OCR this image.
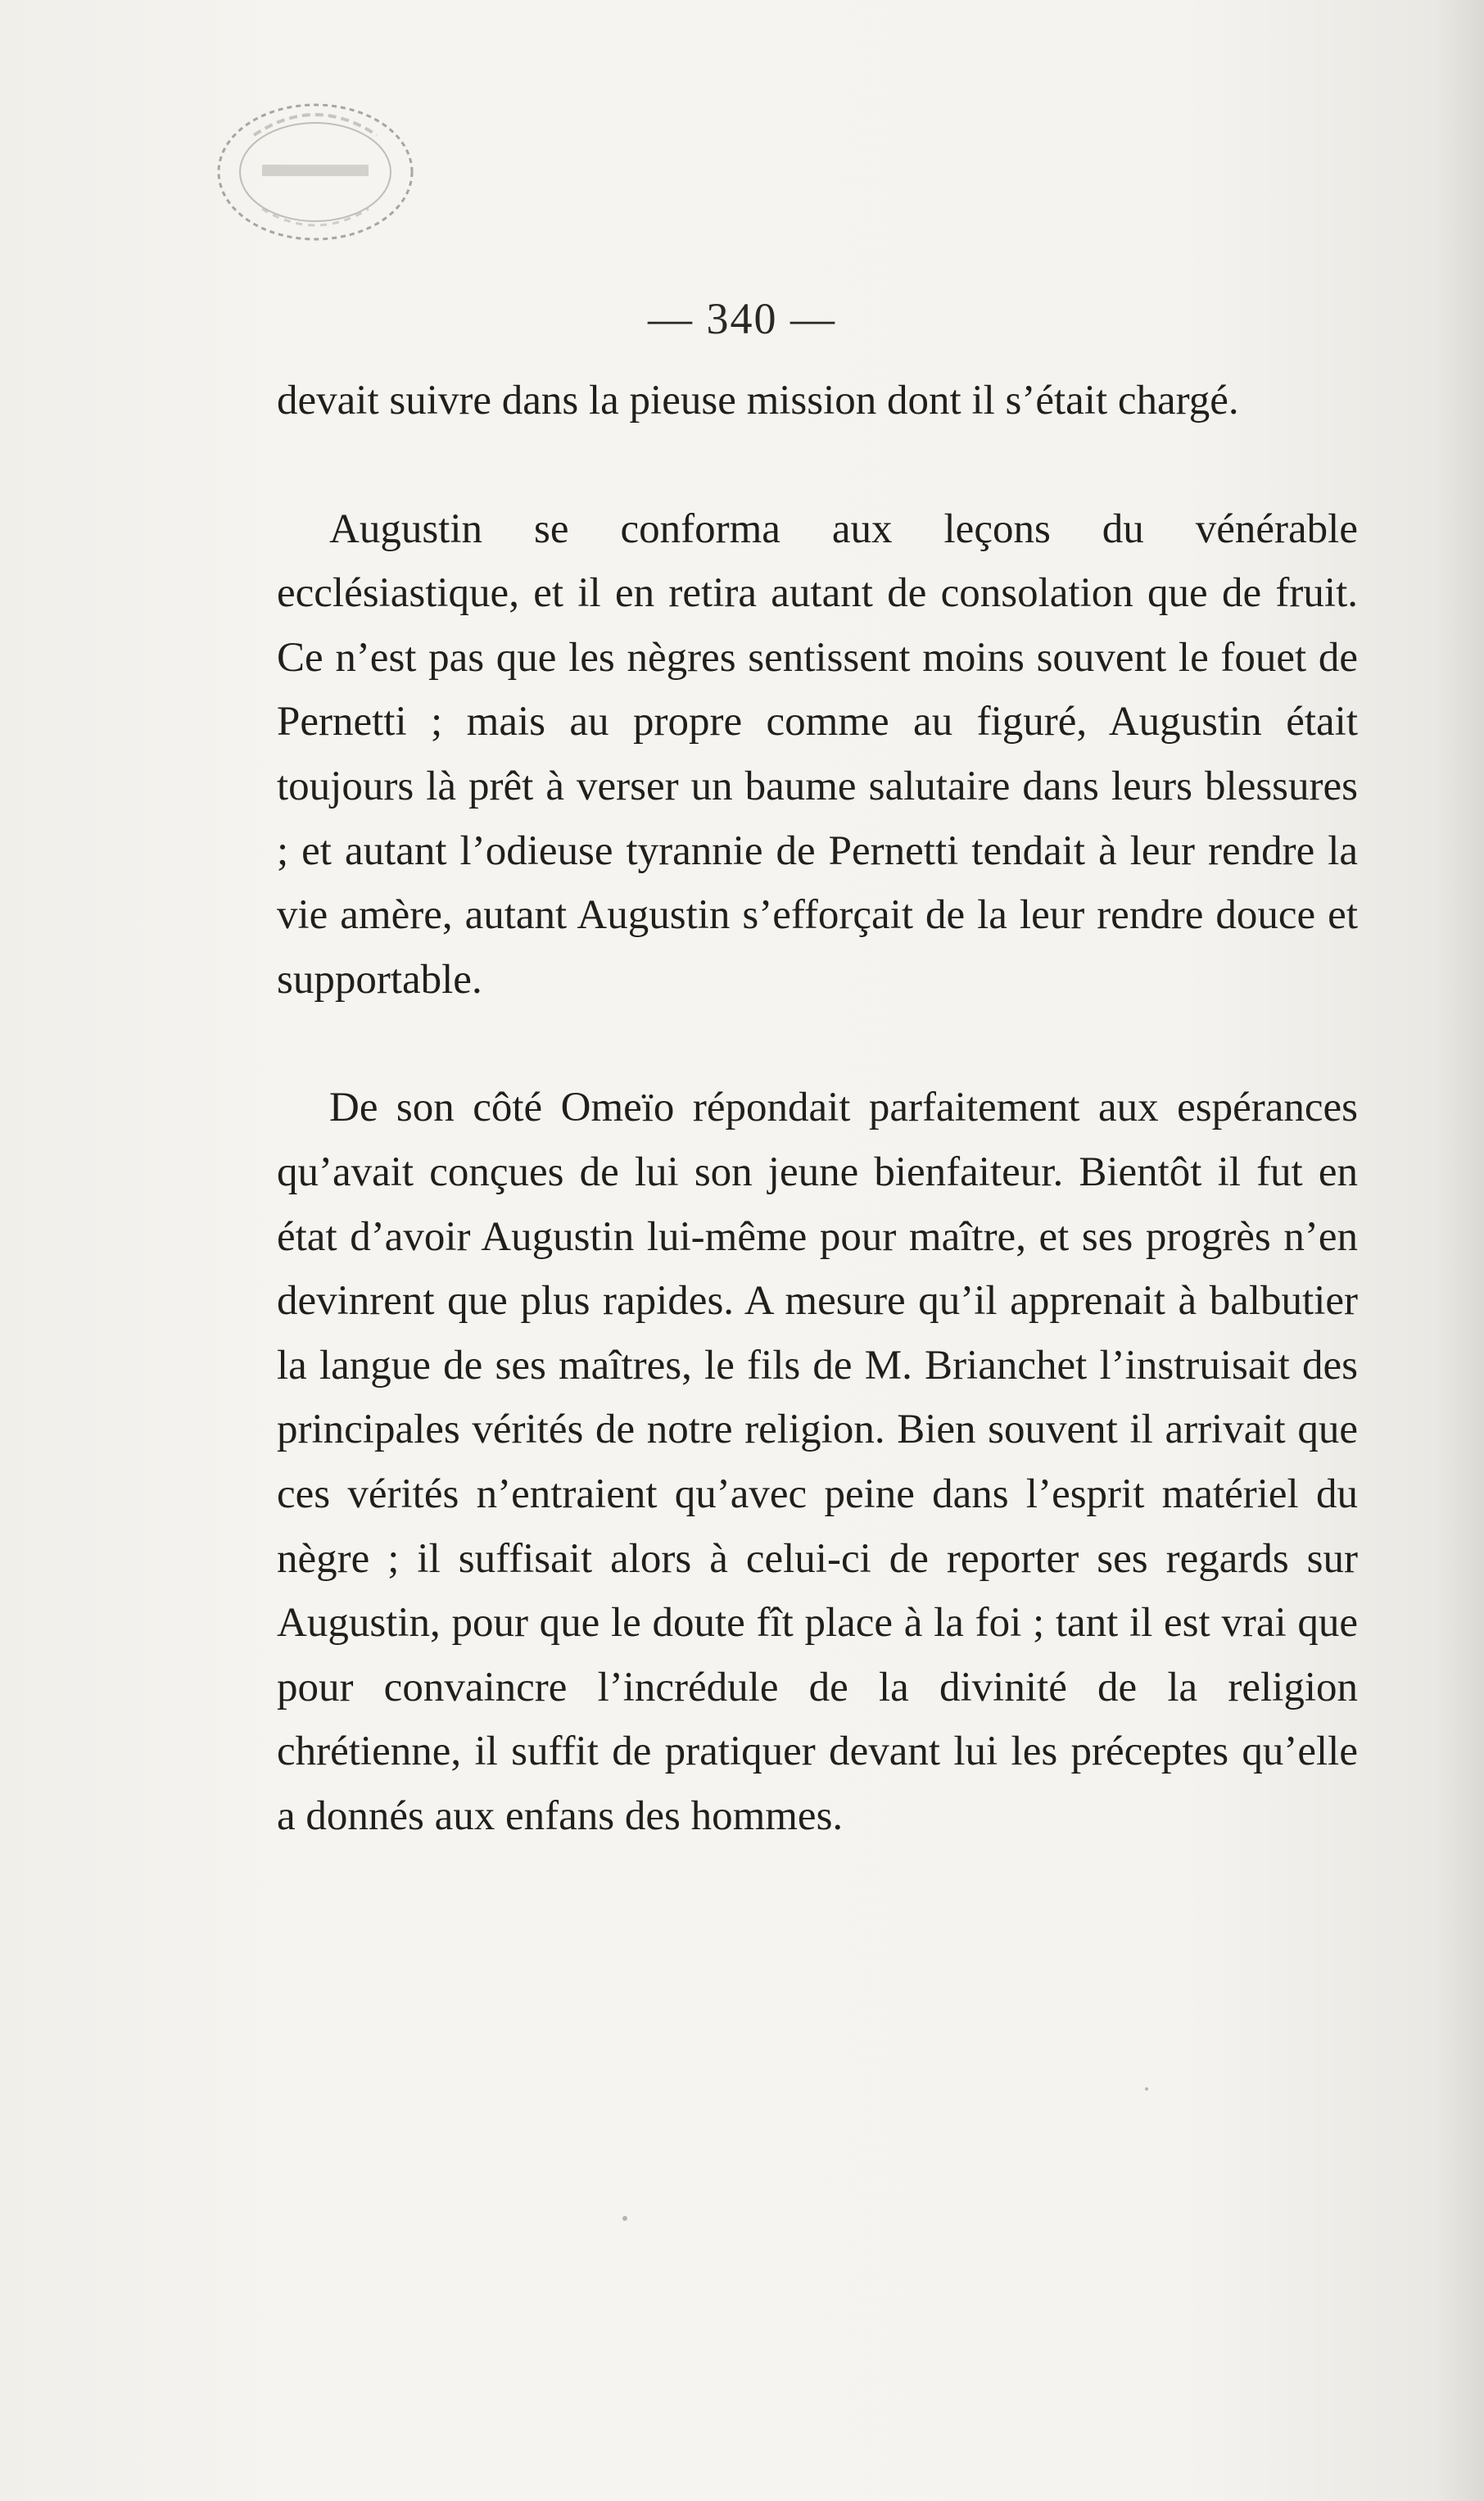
— 340 —

devait suivre dans la pieuse mission dont il s’était chargé.

Augustin se conforma aux leçons du vénérable ecclésiastique, et il en retira autant de consolation que de fruit. Ce n’est pas que les nègres sentissent moins souvent le fouet de Pernetti ; mais au propre comme au figuré, Augustin était toujours là prêt à verser un baume salutaire dans leurs blessures ; et autant l’odieuse tyrannie de Pernetti tendait à leur rendre la vie amère, autant Augustin s’efforçait de la leur rendre douce et supportable.

De son côté Omeïo répondait parfaitement aux espérances qu’avait conçues de lui son jeune bienfaiteur. Bientôt il fut en état d’avoir Augustin lui-même pour maître, et ses progrès n’en devinrent que plus rapides. A mesure qu’il apprenait à balbutier la langue de ses maîtres, le fils de M. Brianchet l’instruisait des principales vérités de notre religion. Bien souvent il arrivait que ces vérités n’entraient qu’avec peine dans l’esprit matériel du nègre ; il suffisait alors à celui-ci de reporter ses regards sur Augustin, pour que le doute fît place à la foi ; tant il est vrai que pour convaincre l’incrédule de la divinité de la religion chrétienne, il suffit de pratiquer devant lui les préceptes qu’elle a donnés aux enfans des hommes.
